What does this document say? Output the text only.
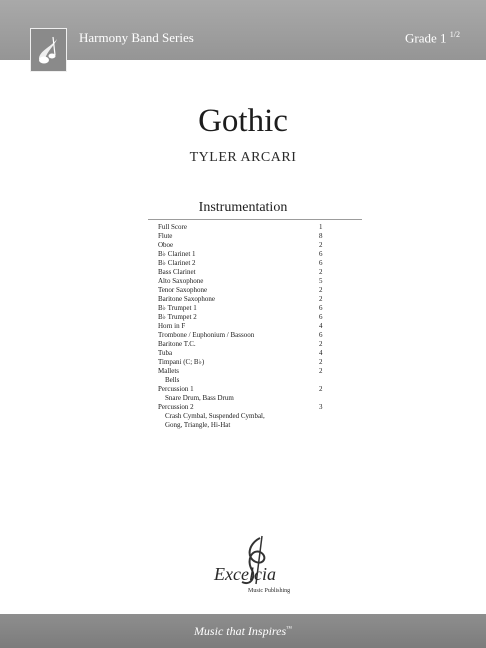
Harmony Band Series	Grade 1 $^{1/2}$
Gothic
TYLER ARCARI
Instrumentation
Full Score	1
Flute	8
Oboe	2
B♭ Clarinet 1	6
B♭ Clarinet 2	6
Bass Clarinet	2
Alto Saxophone	5
Tenor Saxophone	2
Baritone Saxophone	2
B♭ Trumpet 1	6
B♭ Trumpet 2	6
Horn in F	4
Trombone / Euphonium / Bassoon	6
Baritone T.C.	2
Tuba	4
Timpani (C; B♭)	2
Mallets	2
Bells
Percussion 1	2
Snare Drum, Bass Drum
Percussion 2	3
Crash Cymbal, Suspended Cymbal,
Gong, Triangle, Hi-Hat
Excelcia
Music Publishing
Music that Inspires™
